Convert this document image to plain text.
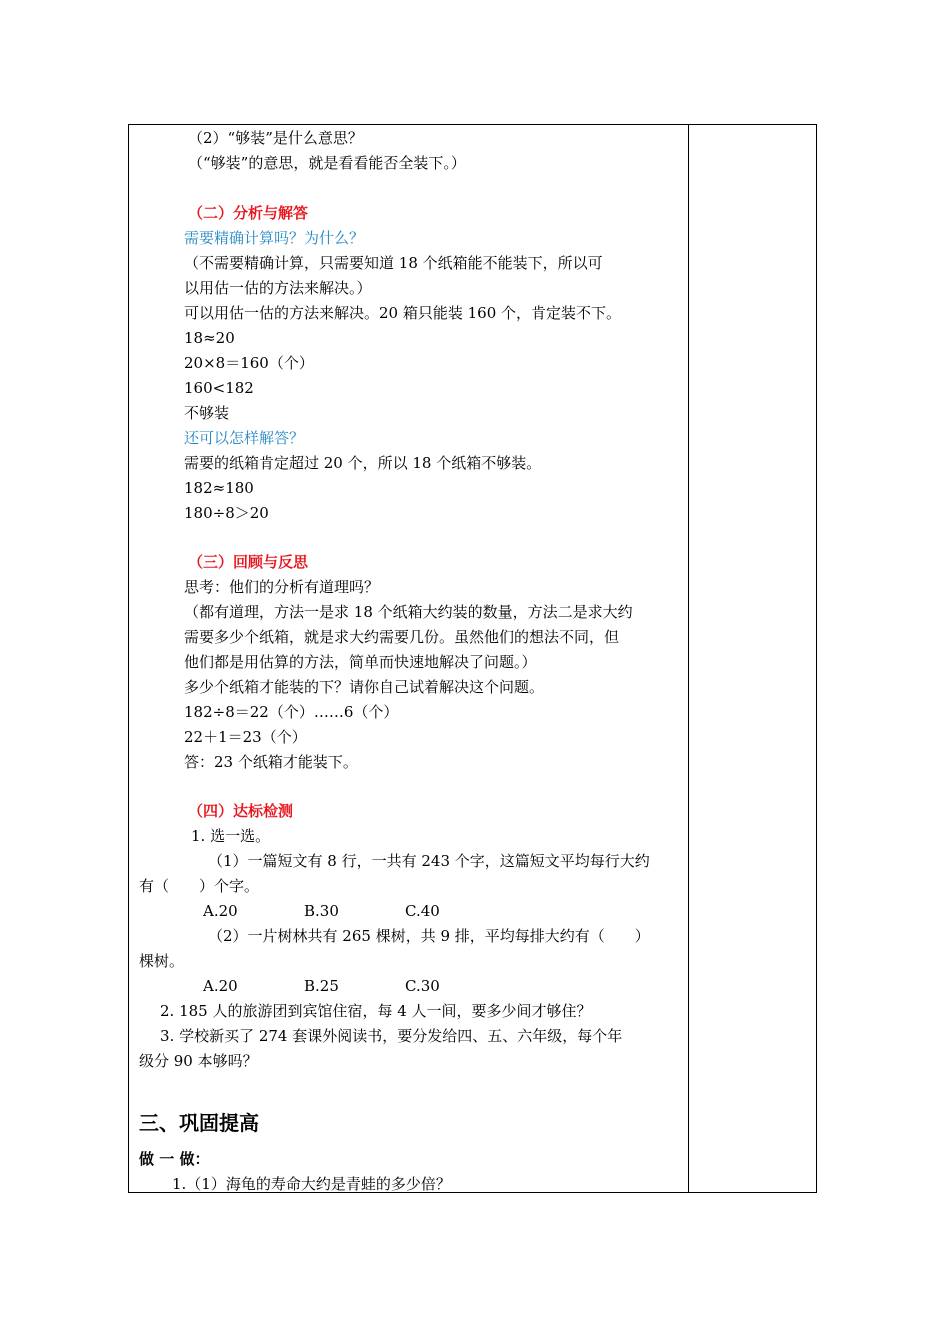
（2）“够装”是什么意思？
（“够装”的意思，就是看看能否全装下。）
（二）分析与解答
需要精确计算吗？为什么？
（不需要精确计算，只需要知道 18 个纸箱能不能装下，所以可
以用估一估的方法来解决。）
可以用估一估的方法来解决。20 箱只能装 160 个，肯定装不下。
18≈20
20×8＝160（个）
160<182
不够装
还可以怎样解答？
需要的纸箱肯定超过 20 个，所以 18 个纸箱不够装。
182≈180
180÷8＞20
（三）回顾与反思
思考：他们的分析有道理吗？
（都有道理，方法一是求 18 个纸箱大约装的数量，方法二是求大约
需要多少个纸箱，就是求大约需要几份。虽然他们的想法不同，但
他们都是用估算的方法，简单而快速地解决了问题。）
多少个纸箱才能装的下？请你自己试着解决这个问题。
182÷8＝22（个）……6（个）
22＋1＝23（个）
答：23 个纸箱才能装下。
（四）达标检测
1. 选一选。
（1）一篇短文有 8 行，一共有 243 个字，这篇短文平均每行大约
有（　　）个字。
A.20	B.30	C.40
（2）一片树林共有 265 棵树，共 9 排，平均每排大约有（　　）
棵树。
A.20	B.25	C.30
2. 185 人的旅游团到宾馆住宿，每 4 人一间，要多少间才够住？
3. 学校新买了 274 套课外阅读书，要分发给四、五、六年级，每个年
级分 90 本够吗？
三、巩固提高
做 一 做：
1.（1）海龟的寿命大约是青蛙的多少倍？
